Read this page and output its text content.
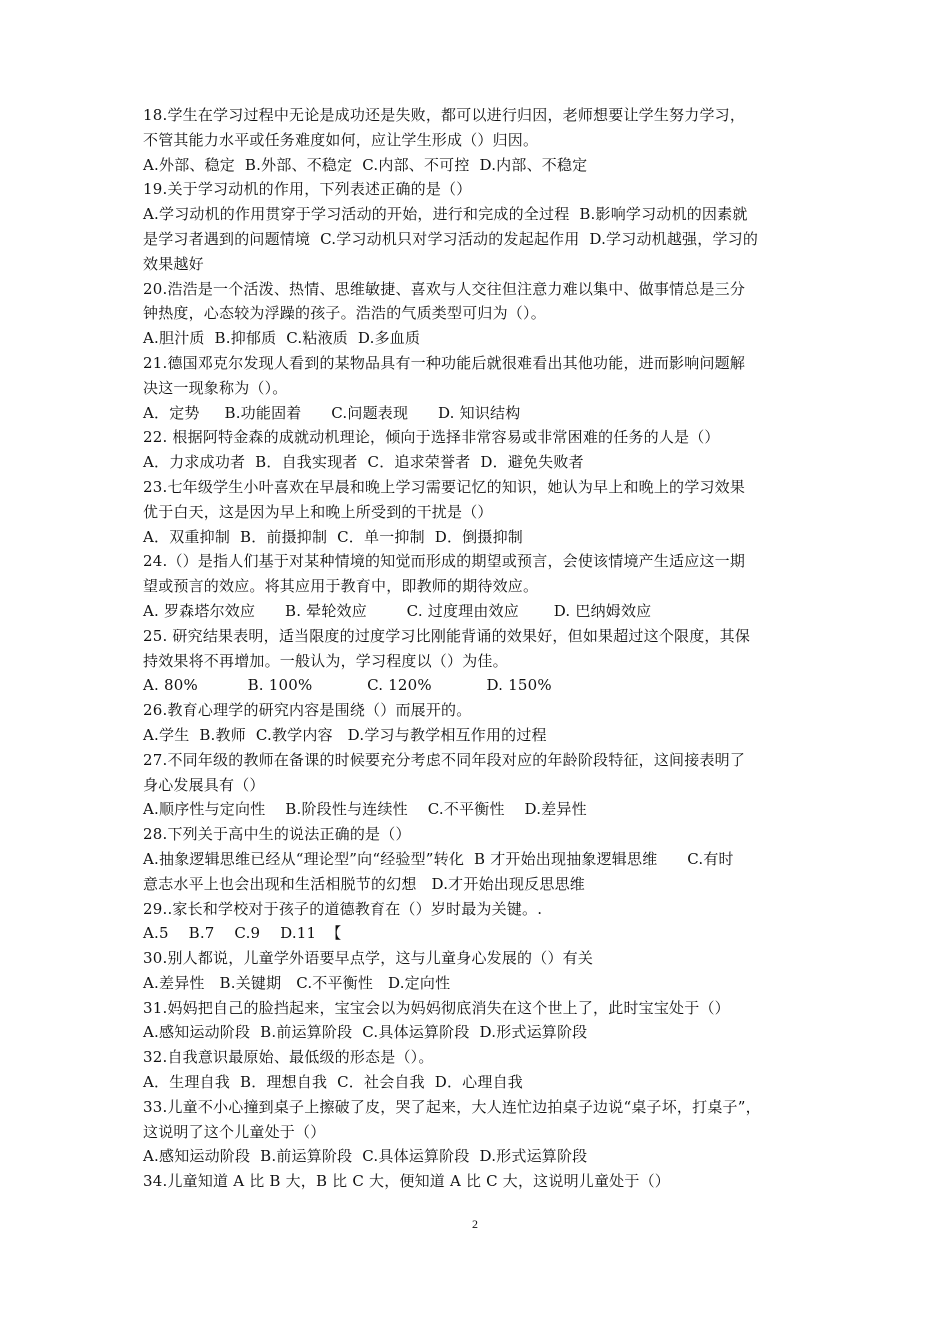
18.学生在学习过程中无论是成功还是失败，都可以进行归因，老师想要让学生努力学习，
不管其能力水平或任务难度如何，应让学生形成（）归因。
A.外部、稳定  B.外部、不稳定  C.内部、不可控  D.内部、不稳定
19.关于学习动机的作用，下列表述正确的是（）
A.学习动机的作用贯穿于学习活动的开始，进行和完成的全过程  B.影响学习动机的因素就
是学习者遇到的问题情境  C.学习动机只对学习活动的发起起作用  D.学习动机越强，学习的
效果越好
20.浩浩是一个活泼、热情、思维敏捷、喜欢与人交往但注意力难以集中、做事情总是三分
钟热度，心态较为浮躁的孩子。浩浩的气质类型可归为（）。
A.胆汁质  B.抑郁质  C.粘液质  D.多血质
21.德国邓克尔发现人看到的某物品具有一种功能后就很难看出其他功能，进而影响问题解
决这一现象称为（）。
A．定势     B.功能固着      C.问题表现      D. 知识结构
22. 根据阿特金森的成就动机理论，倾向于选择非常容易或非常困难的任务的人是（）
A．力求成功者  B．自我实现者  C．追求荣誉者  D．避免失败者
23.七年级学生小叶喜欢在早晨和晚上学习需要记忆的知识，她认为早上和晚上的学习效果
优于白天，这是因为早上和晚上所受到的干扰是（）
A．双重抑制  B．前摄抑制  C．单一抑制  D．倒摄抑制
24.（）是指人们基于对某种情境的知觉而形成的期望或预言，会使该情境产生适应这一期
望或预言的效应。将其应用于教育中，即教师的期待效应。
A. 罗森塔尔效应      B. 晕轮效应        C. 过度理由效应       D. 巴纳姆效应
25. 研究结果表明，适当限度的过度学习比刚能背诵的效果好，但如果超过这个限度，其保
持效果将不再增加。一般认为，学习程度以（）为佳。
A. 80%          B. 100%           C. 120%           D. 150%
26.教育心理学的研究内容是围绕（）而展开的。
A.学生  B.教师  C.教学内容   D.学习与教学相互作用的过程
27.不同年级的教师在备课的时候要充分考虑不同年段对应的年龄阶段特征，这间接表明了
身心发展具有（）
A.顺序性与定向性    B.阶段性与连续性    C.不平衡性    D.差异性
28.下列关于高中生的说法正确的是（）
A.抽象逻辑思维已经从“理论型”向“经验型”转化  B 才开始出现抽象逻辑思维      C.有时
意志水平上也会出现和生活相脱节的幻想   D.才开始出现反思思维
29..家长和学校对于孩子的道德教育在（）岁时最为关键。.
A.5    B.7    C.9    D.11  【
30.别人都说，儿童学外语要早点学，这与儿童身心发展的（）有关
A.差异性   B.关键期   C.不平衡性   D.定向性
31.妈妈把自己的脸挡起来，宝宝会以为妈妈彻底消失在这个世上了，此时宝宝处于（）
A.感知运动阶段  B.前运算阶段  C.具体运算阶段  D.形式运算阶段
32.自我意识最原始、最低级的形态是（）。
A．生理自我  B．理想自我  C．社会自我  D．心理自我
33.儿童不小心撞到桌子上擦破了皮，哭了起来，大人连忙边拍桌子边说“桌子坏，打桌子”，
这说明了这个儿童处于（）
A.感知运动阶段  B.前运算阶段  C.具体运算阶段  D.形式运算阶段
34.儿童知道 A 比 B 大，B 比 C 大，便知道 A 比 C 大，这说明儿童处于（）
2
